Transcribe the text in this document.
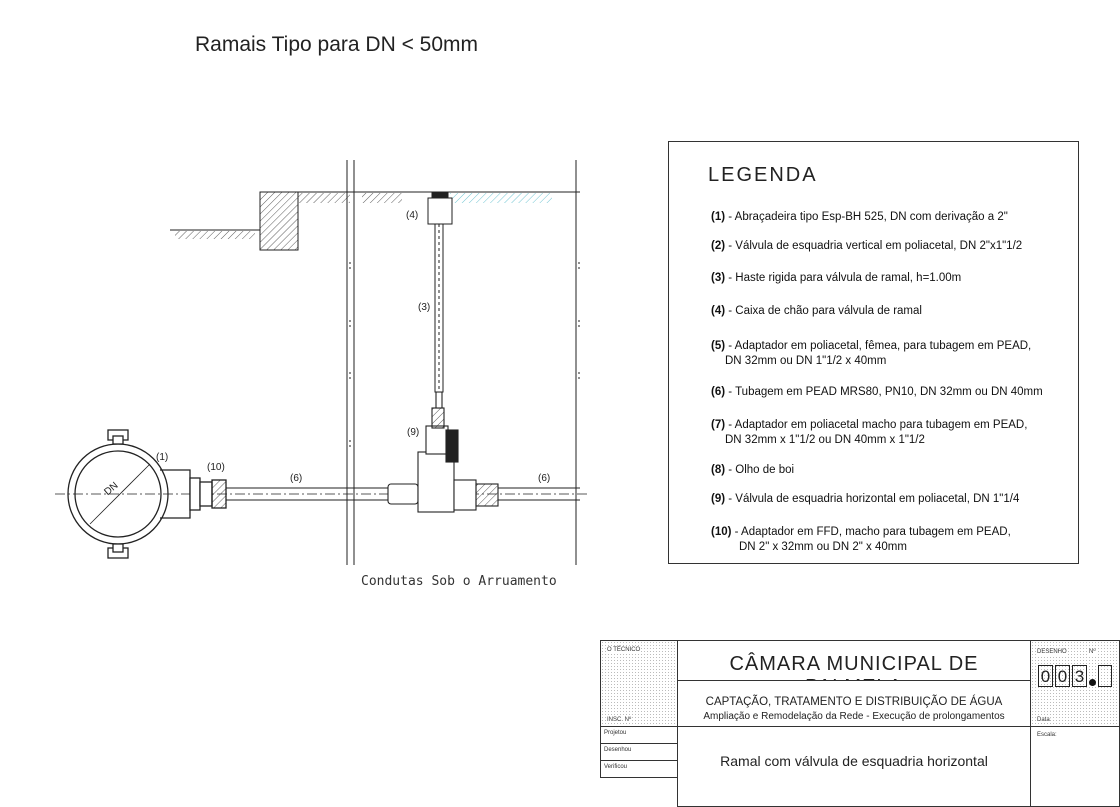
Ramais Tipo para DN < 50mm
DN
(1)
(10)
(6)	(6)
(9)
(3)
(4)
Condutas Sob o Arruamento
LEGENDA
(1) - Abraçadeira tipo Esp-BH 525, DN com derivação a 2"
(2) - Válvula de esquadria vertical em poliacetal, DN 2"x1"1/2
(3) - Haste rigida para válvula de ramal, h=1.00m
(4) - Caixa de chão para válvula de ramal
(5) - Adaptador em poliacetal, fêmea, para tubagem em PEAD,
DN 32mm ou DN 1"1/2 x 40mm
(6) - Tubagem em PEAD MRS80, PN10, DN 32mm ou DN 40mm
(7) - Adaptador em poliacetal macho para tubagem em PEAD,
DN 32mm x 1"1/2 ou DN 40mm x 1"1/2
(8) - Olho de boi
(9) - Válvula de esquadria horizontal em poliacetal, DN 1"1/4
(10) - Adaptador em FFD, macho para tubagem em PEAD,
DN 2" x 32mm ou DN 2" x 40mm
O TÉCNICO
INSC. Nº
CÂMARA MUNICIPAL DE
CAPTAÇÃO, TRATAMENTO E DISTRIBUIÇÃO DE ÁGUA
Ampliação e Remodelação da Rede - Execução de prolongamentos
DESENHO	Nº
0 0 3
Data:
Projetou
Desenhou
Verificou	Ramal com válvula de esquadria horizontal
Escala:
